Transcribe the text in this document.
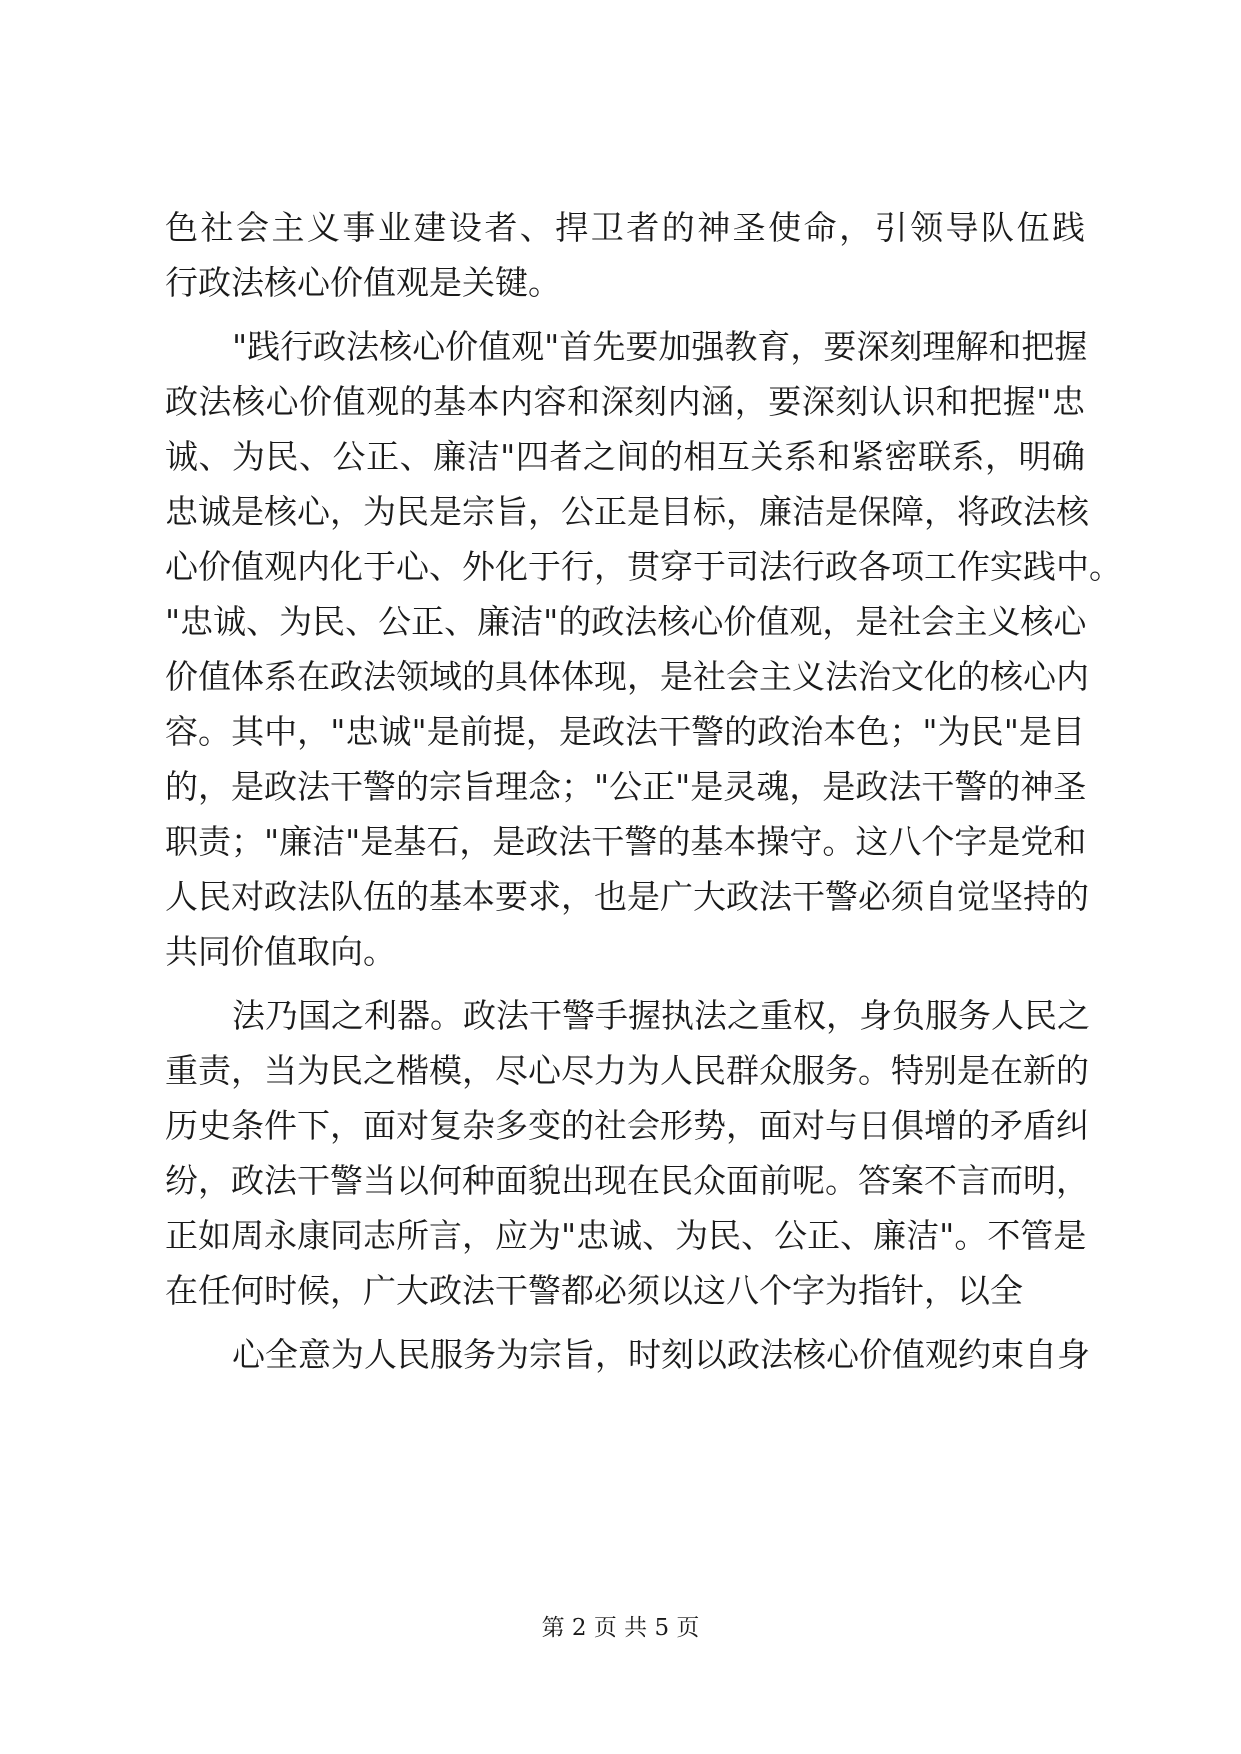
色社会主义事业建设者、捍卫者的神圣使命，引领导队伍践
行政法核心价值观是关键。
"践行政法核心价值观"首先要加强教育，要深刻理解和把握
政法核心价值观的基本内容和深刻内涵，要深刻认识和把握"忠
诚、为民、公正、廉洁"四者之间的相互关系和紧密联系，明确
忠诚是核心，为民是宗旨，公正是目标，廉洁是保障，将政法核
心价值观内化于心、外化于行，贯穿于司法行政各项工作实践中。
"忠诚、为民、公正、廉洁"的政法核心价值观，是社会主义核心
价值体系在政法领域的具体体现，是社会主义法治文化的核心内
容。其中，"忠诚"是前提，是政法干警的政治本色；"为民"是目
的，是政法干警的宗旨理念；"公正"是灵魂，是政法干警的神圣
职责；"廉洁"是基石，是政法干警的基本操守。这八个字是党和
人民对政法队伍的基本要求，也是广大政法干警必须自觉坚持的
共同价值取向。
法乃国之利器。政法干警手握执法之重权，身负服务人民之
重责，当为民之楷模，尽心尽力为人民群众服务。特别是在新的
历史条件下，面对复杂多变的社会形势，面对与日俱增的矛盾纠
纷，政法干警当以何种面貌出现在民众面前呢。答案不言而明，
正如周永康同志所言，应为"忠诚、为民、公正、廉洁"。不管是
在任何时候，广大政法干警都必须以这八个字为指针，以全
心全意为人民服务为宗旨，时刻以政法核心价值观约束自身
第 2 页 共 5 页
